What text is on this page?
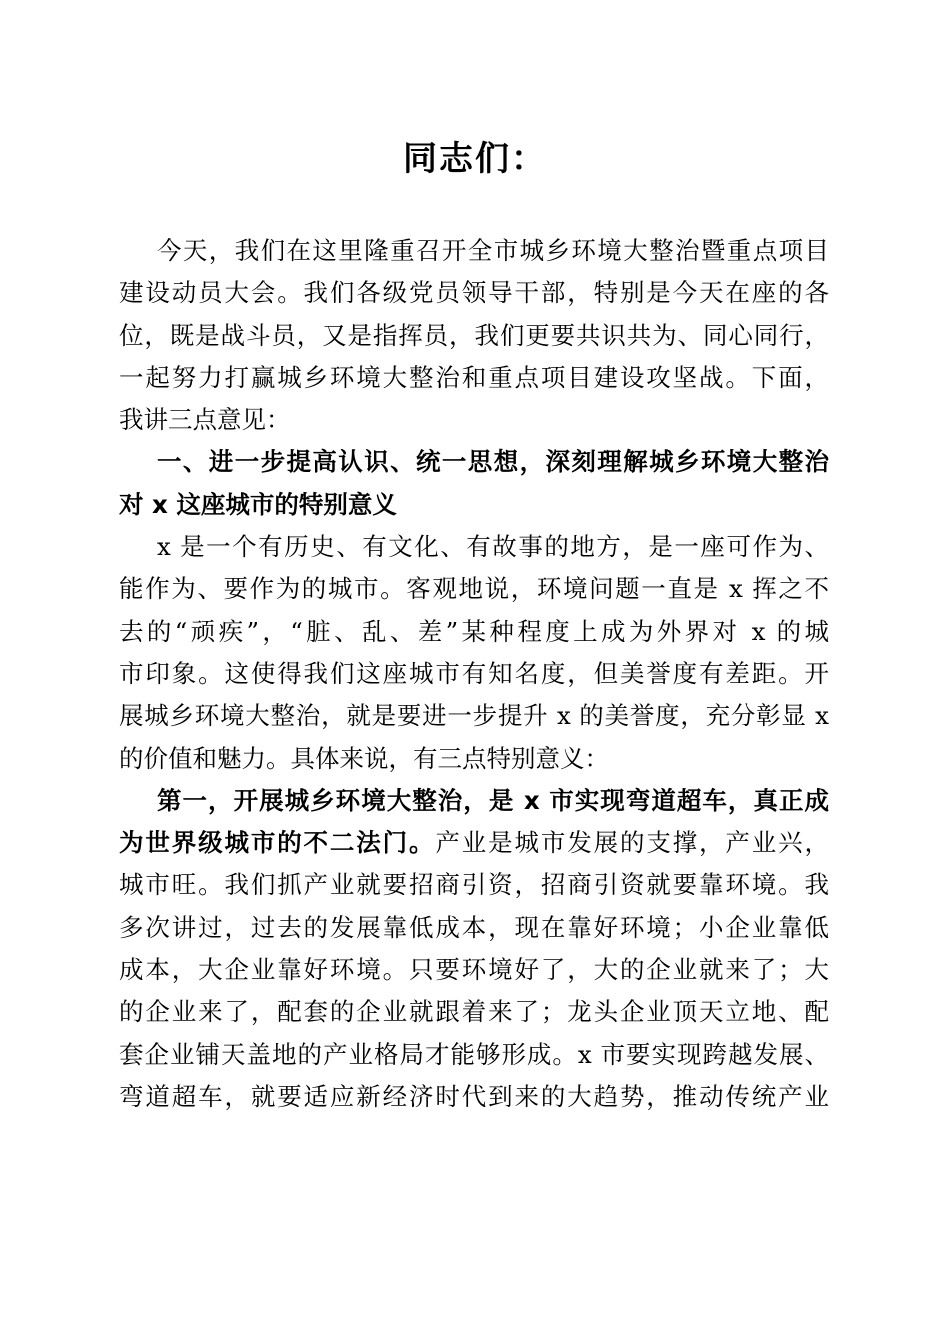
同志们：
今天，我们在这里隆重召开全市城乡环境大整治暨重点项目
建设动员大会。我们各级党员领导干部，特别是今天在座的各
位，既是战斗员，又是指挥员，我们更要共识共为、同心同行，
一起努力打赢城乡环境大整治和重点项目建设攻坚战。下面，
我讲三点意见：
一、进一步提高认识、统一思想，深刻理解城乡环境大整治
对 x 这座城市的特别意义
x 是一个有历史、有文化、有故事的地方，是一座可作为、
能作为、要作为的城市。客观地说，环境问题一直是 x 挥之不
去的“顽疾”，“脏、乱、差”某种程度上成为外界对 x 的城
市印象。这使得我们这座城市有知名度，但美誉度有差距。开
展城乡环境大整治，就是要进一步提升 x 的美誉度，充分彰显 x
的价值和魅力。具体来说，有三点特别意义：
第一，开展城乡环境大整治，是 x 市实现弯道超车，真正成
为世界级城市的不二法门。产业是城市发展的支撑，产业兴，
城市旺。我们抓产业就要招商引资，招商引资就要靠环境。我
多次讲过，过去的发展靠低成本，现在靠好环境；小企业靠低
成本，大企业靠好环境。只要环境好了，大的企业就来了；大
的企业来了，配套的企业就跟着来了；龙头企业顶天立地、配
套企业铺天盖地的产业格局才能够形成。x 市要实现跨越发展、
弯道超车，就要适应新经济时代到来的大趋势，推动传统产业
